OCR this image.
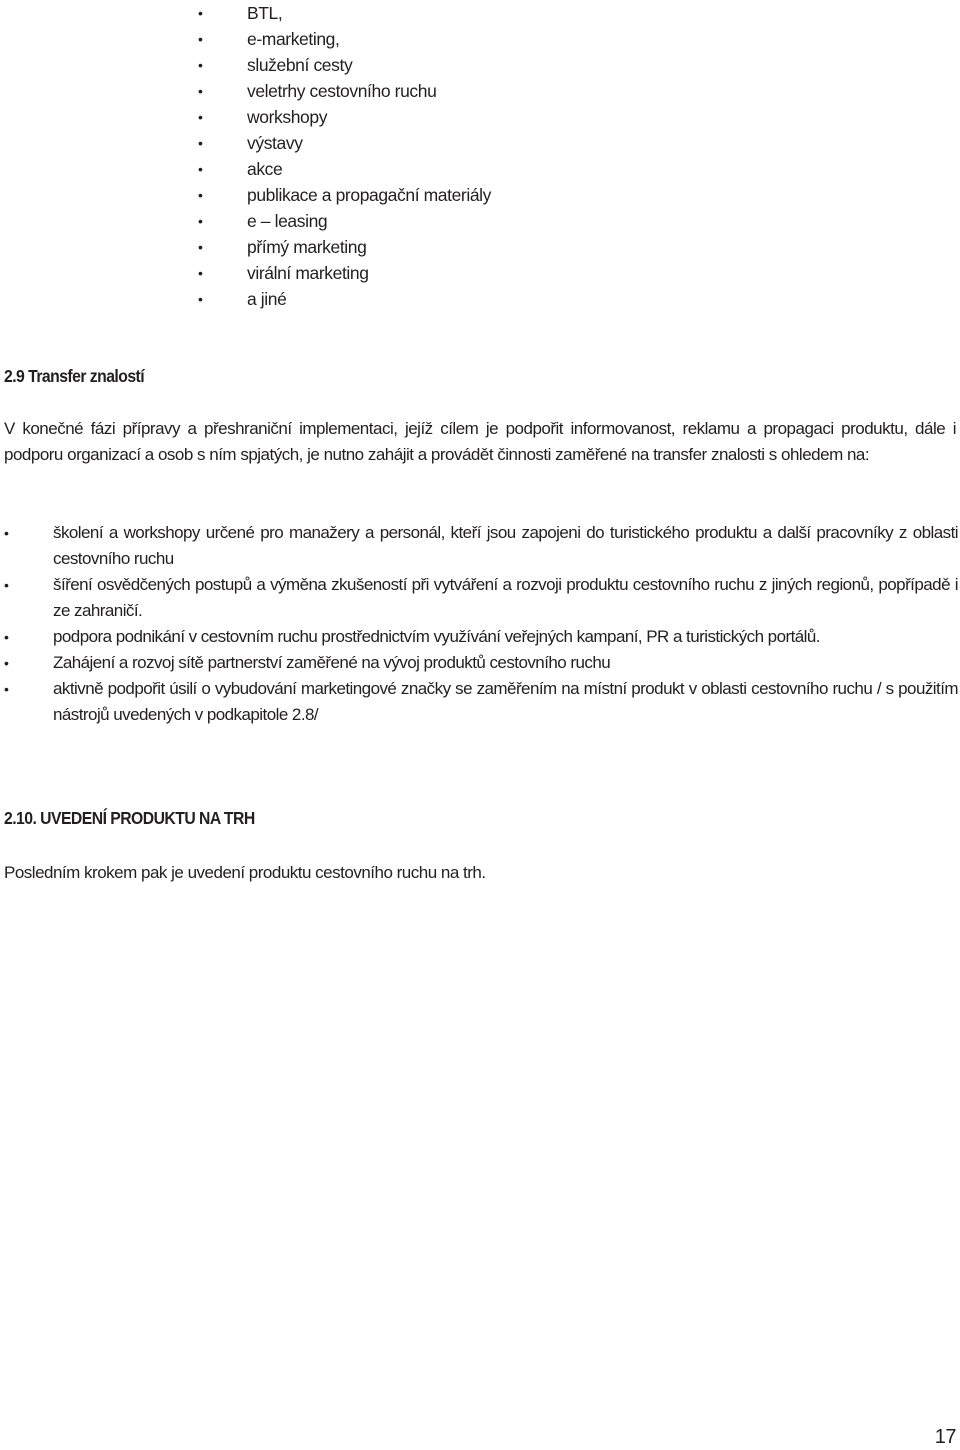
•	BTL,
•	e-marketing,
•	služební cesty
•	veletrhy cestovního ruchu
•	workshopy
•	výstavy
•	akce
•	publikace a propagační materiály
•	e – leasing
•	přímý marketing
•	virální marketing
•	a jiné
2.9 Transfer znalostí

V konečné fázi přípravy a přeshraniční implementaci, jejíž cílem je podpořit informovanost, reklamu a propagaci produktu, dále i podporu organizací a osob s ním spjatých, je nutno zahájit a provádět činnosti zaměřené na transfer znalosti s ohledem na:

•	školení a workshopy určené pro manažery a personál, kteří jsou zapojeni do turistického produktu a další pracovníky z oblasti cestovního ruchu
•	šíření osvědčených postupů a výměna zkušeností při vytváření a rozvoji produktu cestovního ruchu z jiných regionů, popřípadě i ze zahraničí.
•	podpora podnikání v cestovním ruchu prostřednictvím využívání veřejných kampaní, PR a turistických portálů.
•	Zahájení a rozvoj sítě partnerství zaměřené na vývoj produktů cestovního ruchu
•	aktivně podpořit úsilí o vybudování marketingové značky se zaměřením na místní produkt v oblasti cestovního ruchu / s použitím nástrojů uvedených v podkapitole 2.8/
2.10. UVEDENÍ PRODUKTU NA TRH

Posledním krokem pak je uvedení produktu cestovního ruchu na trh.

17
